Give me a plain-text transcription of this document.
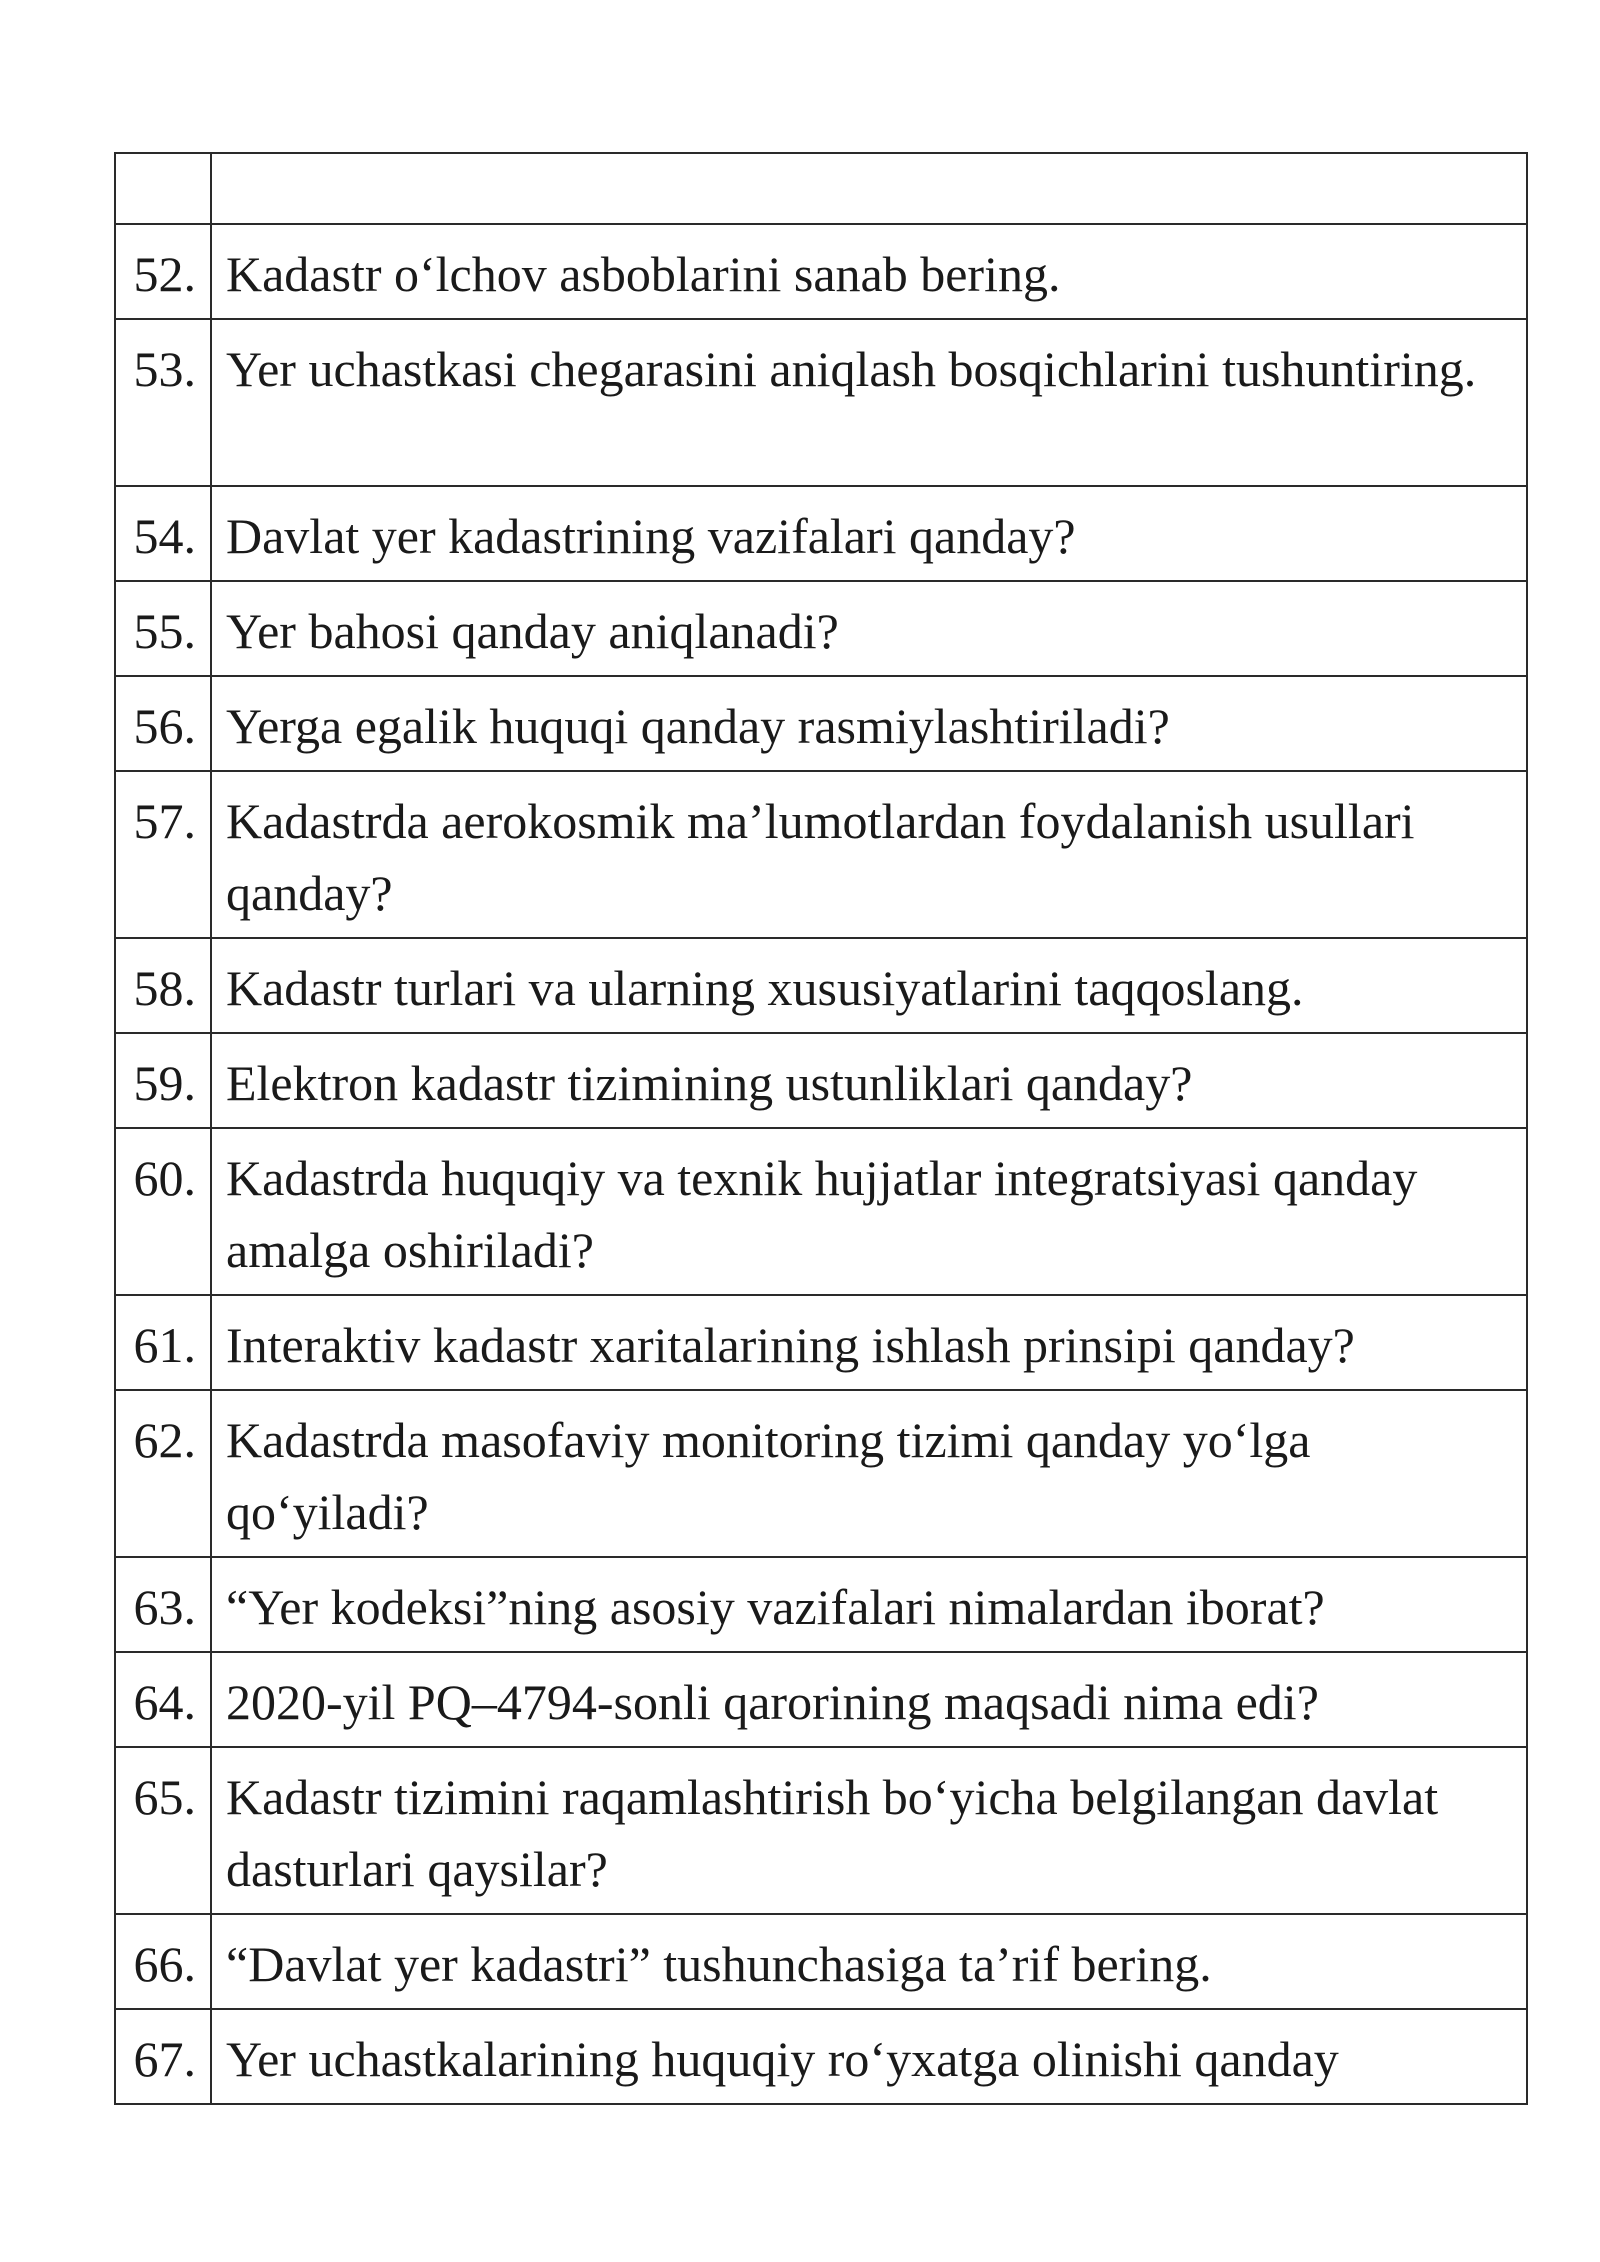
52.	Kadastr o‘lchov asboblarini sanab bering.
53.	Yer uchastkasi chegarasini aniqlash bosqichlarini tushuntiring.
54.	Davlat yer kadastrining vazifalari qanday?
55.	Yer bahosi qanday aniqlanadi?
56.	Yerga egalik huquqi qanday rasmiylashtiriladi?
57.	Kadastrda aerokosmik ma’lumotlardan foydalanish usullari qanday?
58.	Kadastr turlari va ularning xususiyatlarini taqqoslang.
59.	Elektron kadastr tizimining ustunliklari qanday?
60.	Kadastrda huquqiy va texnik hujjatlar integratsiyasi qanday amalga oshiriladi?
61.	Interaktiv kadastr xaritalarining ishlash prinsipi qanday?
62.	Kadastrda masofaviy monitoring tizimi qanday yo‘lga qo‘yiladi?
63.	“Yer kodeksi”ning asosiy vazifalari nimalardan iborat?
64.	2020-yil PQ–4794-sonli qarorining maqsadi nima edi?
65.	Kadastr tizimini raqamlashtirish bo‘yicha belgilangan davlat dasturlari qaysilar?
66.	“Davlat yer kadastri” tushunchasiga ta’rif bering.
67.	Yer uchastkalarining huquqiy ro‘yxatga olinishi qanday
